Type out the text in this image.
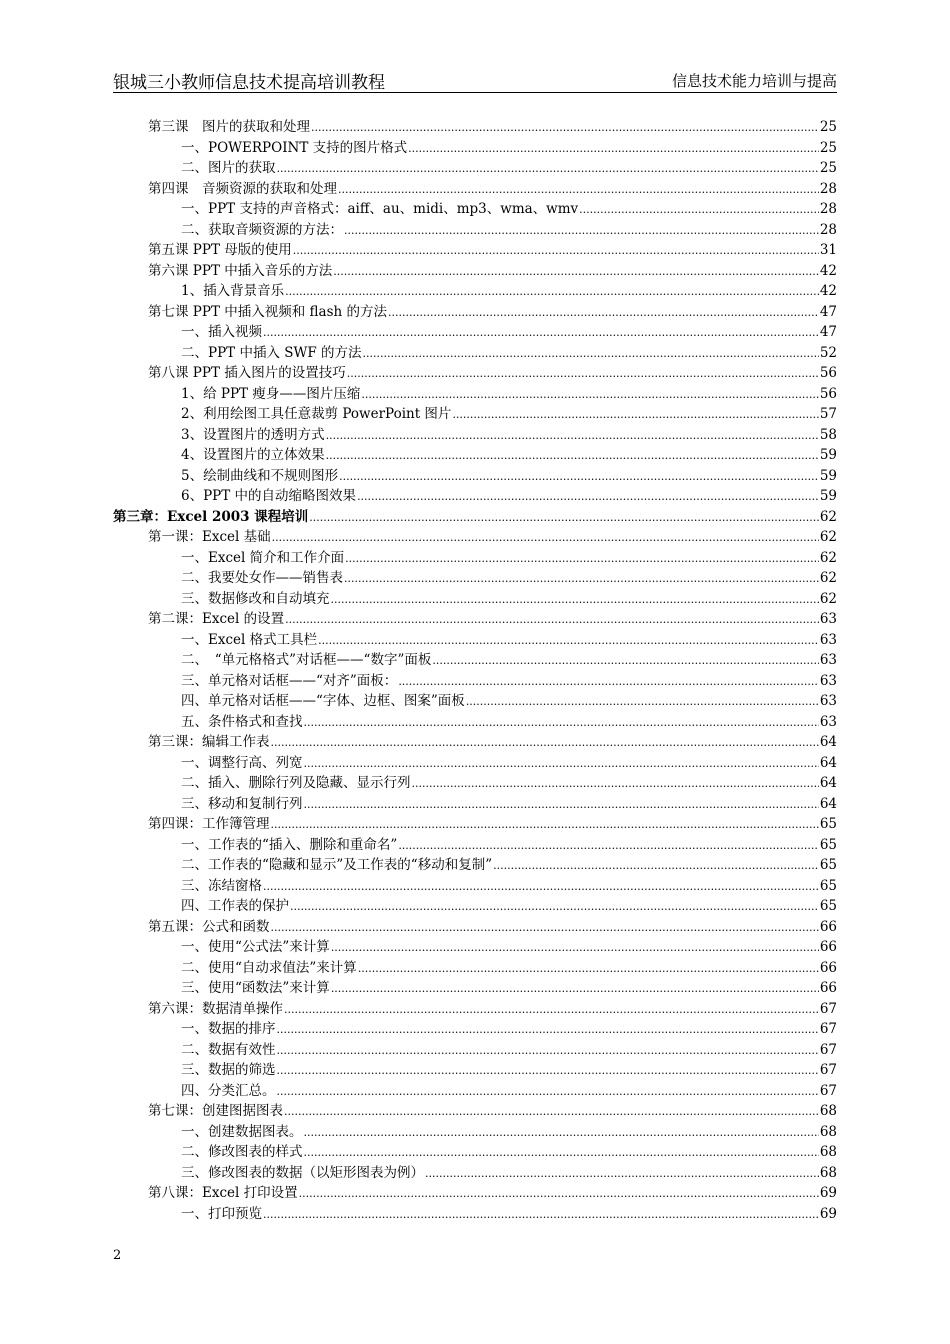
银城三小教师信息技术提高培训教程	信息技术能力培训与提高
第三课　图片的获取和处理 .....	25
一、POWERPOINT 支持的图片格式 .....	25
二、图片的获取 .....	25
第四课　音频资源的获取和处理 .....	28
一、PPT 支持的声音格式：aiff、au、midi、mp3、wma、wmv .....	28
二、获取音频资源的方法： .....	28
第五课 PPT 母版的使用 .....	31
第六课 PPT 中插入音乐的方法 .....	42
1、插入背景音乐 .....	42
第七课 PPT 中插入视频和 flash 的方法 .....	47
一、插入视频 .....	47
二、PPT 中插入 SWF 的方法 .....	52
第八课 PPT 插入图片的设置技巧 .....	56
1、给 PPT 瘦身——图片压缩 .....	56
2、利用绘图工具任意裁剪 PowerPoint 图片 .....	57
3、设置图片的透明方式 .....	58
4、设置图片的立体效果 .....	59
5、绘制曲线和不规则图形 .....	59
6、PPT 中的自动缩略图效果 .....	59
第三章：Excel 2003 课程培训 .....	62
第一课：Excel 基础 .....	62
一、Excel 简介和工作介面 .....	62
二、我要处女作——销售表 .....	62
三、数据修改和自动填充 .....	62
第二课：Excel 的设置 .....	63
一、Excel 格式工具栏 .....	63
二、　“单元格格式”对话框——“数字”面板 .....	63
三、单元格对话框——“对齐”面板： .....	63
四、单元格对话框——“字体、边框、图案”面板 .....	63
五、条件格式和查找 .....	63
第三课：编辑工作表 .....	64
一、调整行高、列宽 .....	64
二、插入、删除行列及隐藏、显示行列 .....	64
三、移动和复制行列 .....	64
第四课：工作簿管理 .....	65
一、工作表的“插入、删除和重命名” .....	65
二、工作表的“隐藏和显示”及工作表的“移动和复制” .....	65
三、冻结窗格 .....	65
四、工作表的保护 .....	65
第五课：公式和函数 .....	66
一、使用“公式法”来计算 .....	66
二、使用“自动求值法”来计算 .....	66
三、使用“函数法”来计算 .....	66
第六课：数据清单操作 .....	67
一、数据的排序 .....	67
二、数据有效性 .....	67
三、数据的筛选 .....	67
四、分类汇总。 .....	67
第七课：创建图据图表 .....	68
一、创建数据图表。 .....	68
二、修改图表的样式 .....	68
三、修改图表的数据（以矩形图表为例） .....	68
第八课：Excel 打印设置 .....	69
一、打印预览 .....	69
2
